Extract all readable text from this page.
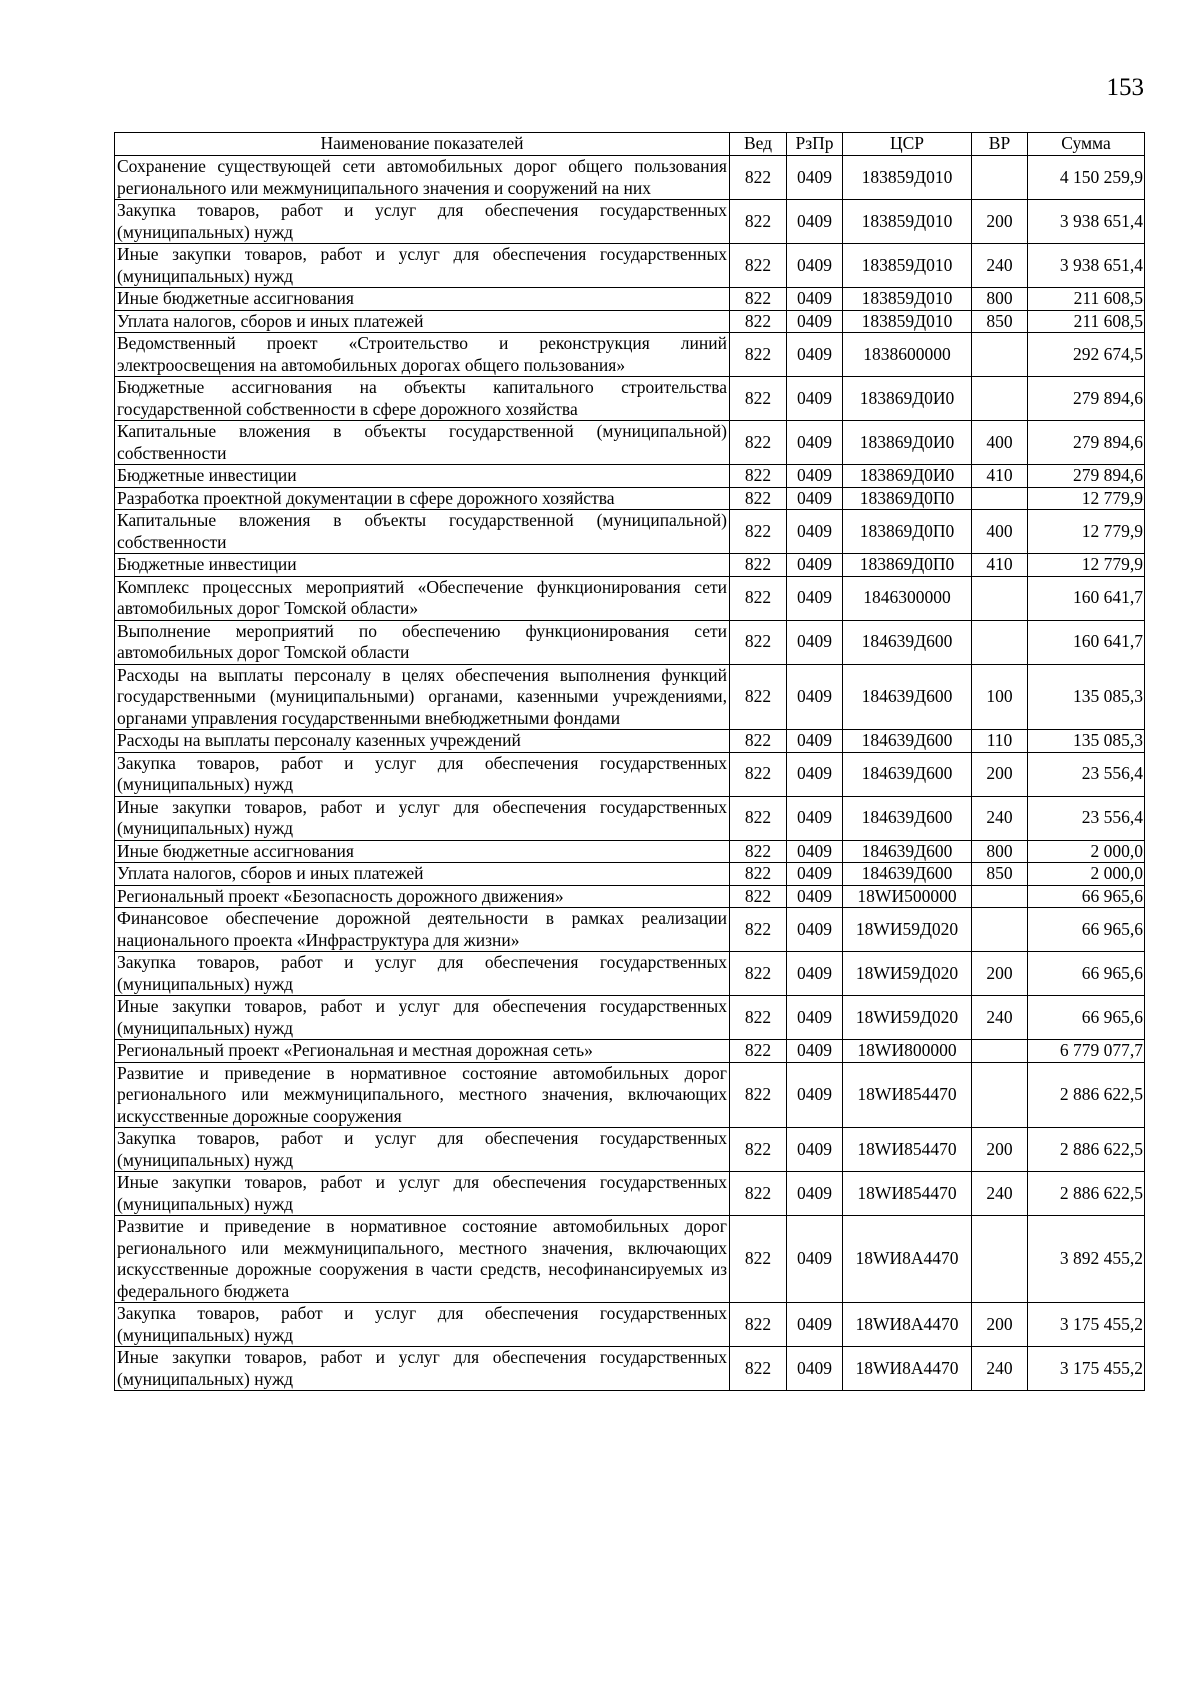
153
Наименование показателей	Вед	РзПр	ЦСР	ВР	Сумма
Сохранение существующей сети автомобильных дорог общего пользования регионального или межмуниципального значения и сооружений на них	822	0409	183859Д010		4 150 259,9
Закупка товаров, работ и услуг для обеспечения государственных (муниципальных) нужд	822	0409	183859Д010	200	3 938 651,4
Иные закупки товаров, работ и услуг для обеспечения государственных (муниципальных) нужд	822	0409	183859Д010	240	3 938 651,4
Иные бюджетные ассигнования	822	0409	183859Д010	800	211 608,5
Уплата налогов, сборов и иных платежей	822	0409	183859Д010	850	211 608,5
Ведомственный проект «Строительство и реконструкция линий электроосвещения на автомобильных дорогах общего пользования»	822	0409	1838600000		292 674,5
Бюджетные ассигнования на объекты капитального строительства государственной собственности в сфере дорожного хозяйства	822	0409	183869Д0И0		279 894,6
Капитальные вложения в объекты государственной (муниципальной) собственности	822	0409	183869Д0И0	400	279 894,6
Бюджетные инвестиции	822	0409	183869Д0И0	410	279 894,6
Разработка проектной документации в сфере дорожного хозяйства	822	0409	183869Д0П0		12 779,9
Капитальные вложения в объекты государственной (муниципальной) собственности	822	0409	183869Д0П0	400	12 779,9
Бюджетные инвестиции	822	0409	183869Д0П0	410	12 779,9
Комплекс процессных мероприятий «Обеспечение функционирования сети автомобильных дорог Томской области»	822	0409	1846300000		160 641,7
Выполнение мероприятий по обеспечению функционирования сети автомобильных дорог Томской области	822	0409	184639Д600		160 641,7
Расходы на выплаты персоналу в целях обеспечения выполнения функций государственными (муниципальными) органами, казенными учреждениями, органами управления государственными внебюджетными фондами	822	0409	184639Д600	100	135 085,3
Расходы на выплаты персоналу казенных учреждений	822	0409	184639Д600	110	135 085,3
Закупка товаров, работ и услуг для обеспечения государственных (муниципальных) нужд	822	0409	184639Д600	200	23 556,4
Иные закупки товаров, работ и услуг для обеспечения государственных (муниципальных) нужд	822	0409	184639Д600	240	23 556,4
Иные бюджетные ассигнования	822	0409	184639Д600	800	2 000,0
Уплата налогов, сборов и иных платежей	822	0409	184639Д600	850	2 000,0
Региональный проект «Безопасность дорожного движения»	822	0409	18WИ500000		66 965,6
Финансовое обеспечение дорожной деятельности в рамках реализации национального проекта «Инфраструктура для жизни»	822	0409	18WИ59Д020		66 965,6
Закупка товаров, работ и услуг для обеспечения государственных (муниципальных) нужд	822	0409	18WИ59Д020	200	66 965,6
Иные закупки товаров, работ и услуг для обеспечения государственных (муниципальных) нужд	822	0409	18WИ59Д020	240	66 965,6
Региональный проект «Региональная и местная дорожная сеть»	822	0409	18WИ800000		6 779 077,7
Развитие и приведение в нормативное состояние автомобильных дорог регионального или межмуниципального, местного значения, включающих искусственные дорожные сооружения	822	0409	18WИ854470		2 886 622,5
Закупка товаров, работ и услуг для обеспечения государственных (муниципальных) нужд	822	0409	18WИ854470	200	2 886 622,5
Иные закупки товаров, работ и услуг для обеспечения государственных (муниципальных) нужд	822	0409	18WИ854470	240	2 886 622,5
Развитие и приведение в нормативное состояние автомобильных дорог регионального или межмуниципального, местного значения, включающих искусственные дорожные сооружения в части средств, несофинансируемых из федерального бюджета	822	0409	18WИ8А4470		3 892 455,2
Закупка товаров, работ и услуг для обеспечения государственных (муниципальных) нужд	822	0409	18WИ8А4470	200	3 175 455,2
Иные закупки товаров, работ и услуг для обеспечения государственных (муниципальных) нужд	822	0409	18WИ8А4470	240	3 175 455,2
